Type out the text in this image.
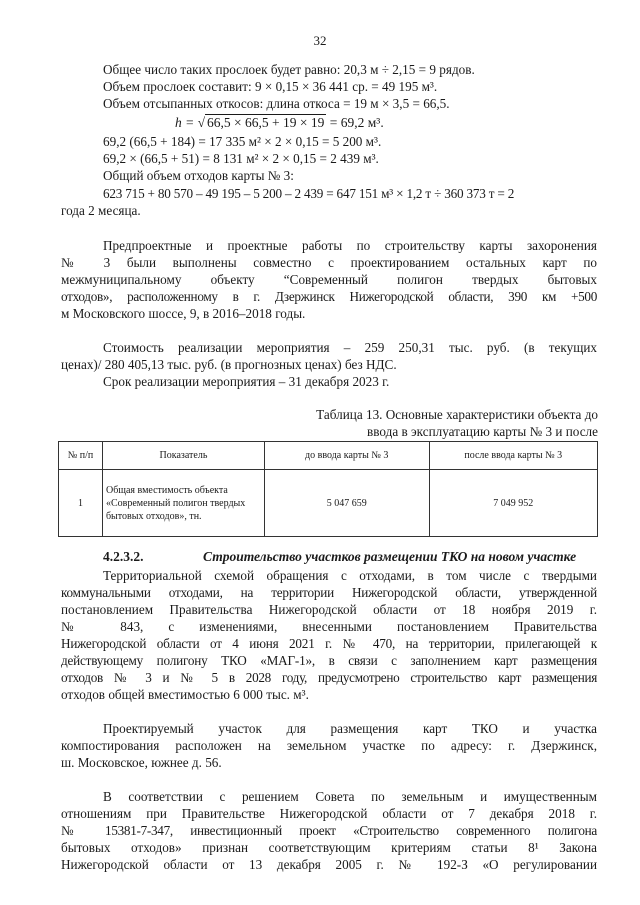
32
Общее число таких прослоек будет равно: 20,3 м ÷ 2,15 = 9 рядов.
Объем прослоек составит: 9 × 0,15 × 36 441 ср. = 49 195 м³.
Объем отсыпанных откосов: длина откоса = 19 м × 3,5 = 66,5.
h = √ 66,5 × 66,5 + 19 × 19 = 69,2 м³.
69,2 (66,5 + 184) = 17 335 м² × 2 × 0,15 = 5 200 м³.
69,2 × (66,5 + 51) = 8 131 м² × 2 × 0,15 = 2 439 м³.
Общий объем отходов карты № 3:
623 715 + 80 570 – 49 195 – 5 200 – 2 439 = 647 151 м³ × 1,2 т ÷ 360 373 т = 2
года 2 месяца.
Предпроектные и проектные работы по строительству карты захоронения
№ 3 были выполнены совместно с проектированием остальных карт по
межмуниципальному объекту “Современный полигон твердых бытовых
отходов», расположенному в г. Дзержинск Нижегородской области, 390 км +500
м Московского шоссе, 9, в 2016–2018 годы.
Стоимость реализации мероприятия – 259 250,31 тыс. руб. (в текущих
ценах)/ 280 405,13 тыс. руб. (в прогнозных ценах) без НДС.
Срок реализации мероприятия – 31 декабря 2023 г.
Таблица 13. Основные характеристики объекта до
ввода в эксплуатацию карты № 3 и после
№ п/п	Показатель	до ввода карты № 3	после ввода карты № 3
1	Общая вместимость объекта «Современный полигон твердых бытовых отходов», тн.	5 047 659	7 049 952
4.2.3.2.	Строительство участков размещении ТКО на новом участке
Территориальной схемой обращения с отходами, в том числе с твердыми
коммунальными отходами, на территории Нижегородской области, утвержденной
постановлением Правительства Нижегородской области от 18 ноября 2019 г.
№ 843, с изменениями, внесенными постановлением Правительства
Нижегородской области от 4 июня 2021 г. № 470, на территории, прилегающей к
действующему полигону ТКО «МАГ-1», в связи с заполнением карт размещения
отходов № 3 и № 5 в 2028 году, предусмотрено строительство карт размещения
отходов общей вместимостью 6 000 тыс. м³.
Проектируемый участок для размещения карт ТКО и участка
компостирования расположен на земельном участке по адресу: г. Дзержинск,
ш. Московское, южнее д. 56.
В соответствии с решением Совета по земельным и имущественным
отношениям при Правительстве Нижегородской области от 7 декабря 2018 г.
№ 15381-7-347, инвестиционный проект «Строительство современного полигона
бытовых отходов» признан соответствующим критериям статьи 8¹ Закона
Нижегородской области от 13 декабря 2005 г. № 192-З «О регулировании
